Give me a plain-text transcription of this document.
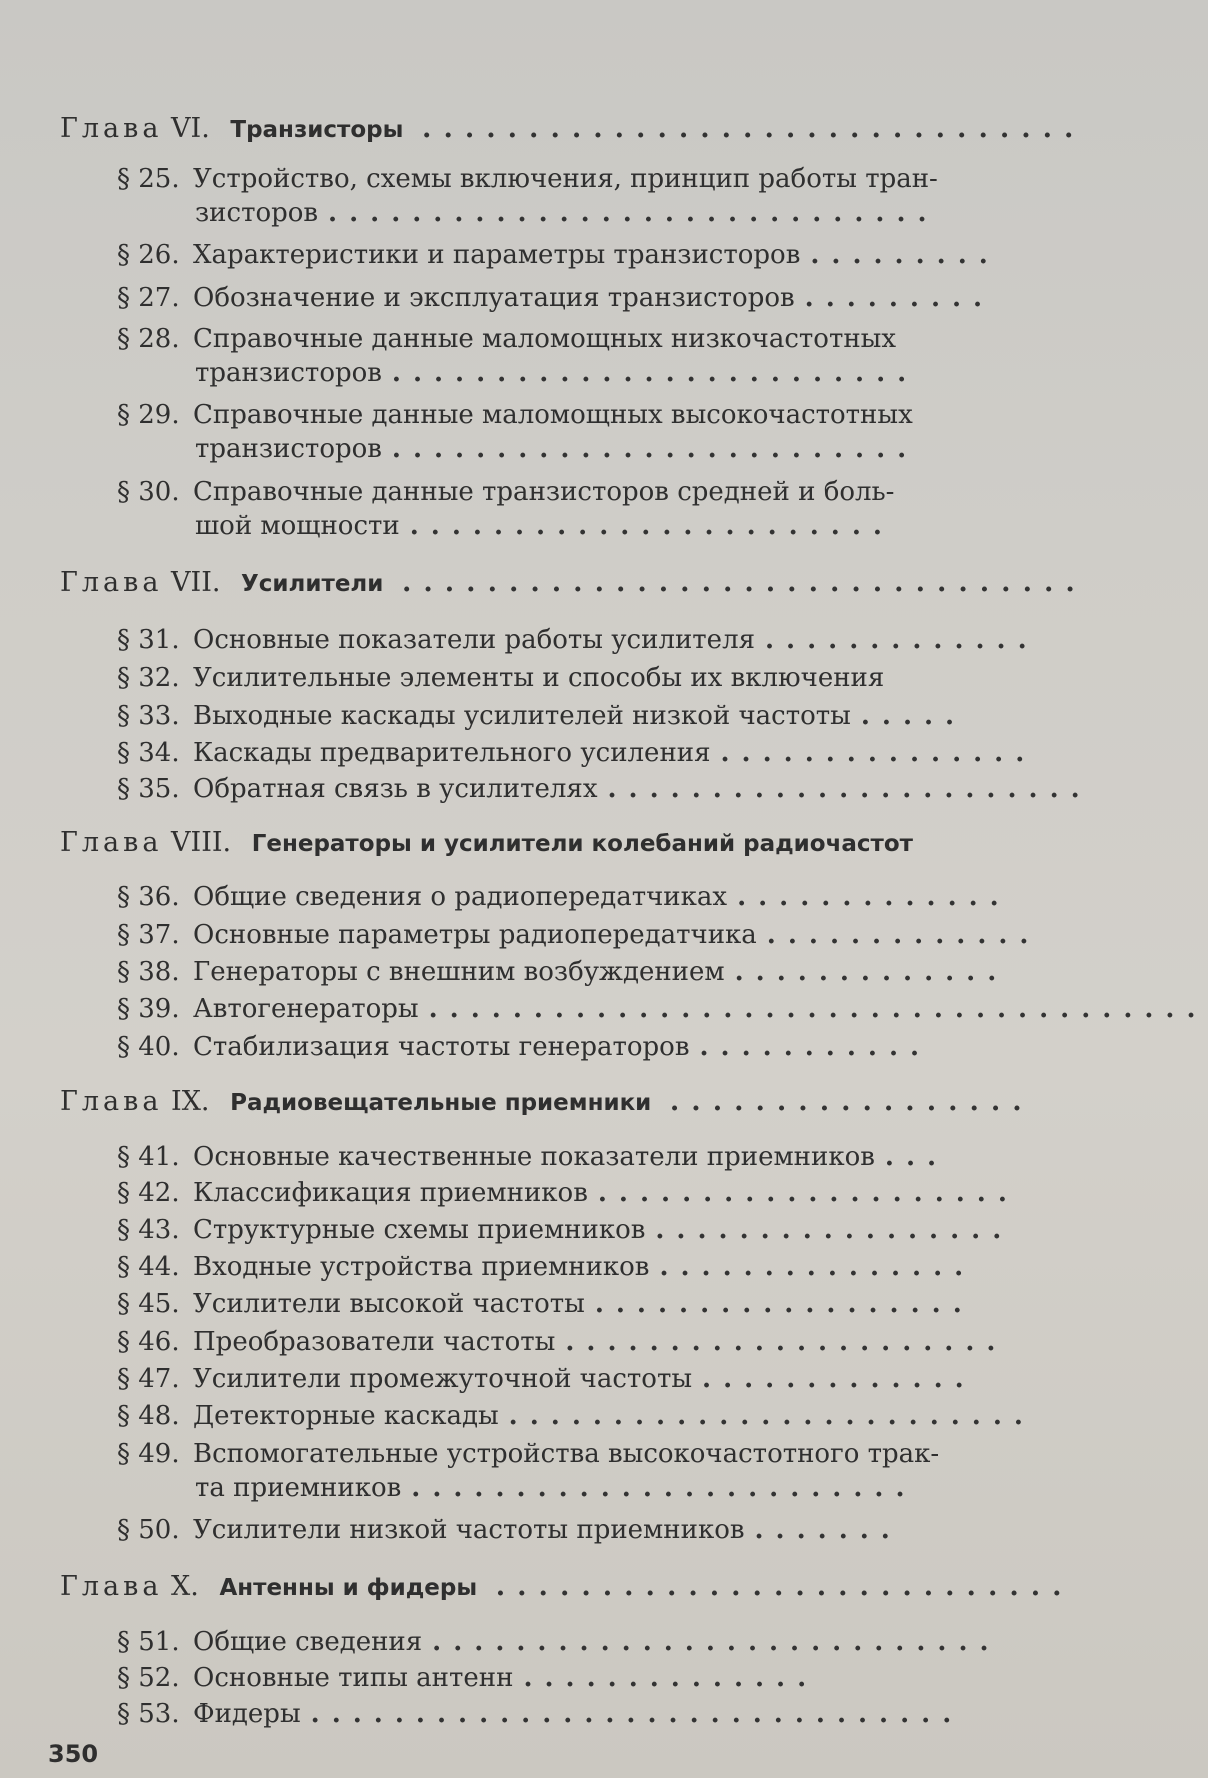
Глава VI. Транзисторы ...............................
§ 25. Устройство, схемы включения, принцип работы тран-
зисторов .............................
§ 26. Характеристики и параметры транзисторов .........
§ 27. Обозначение и эксплуатация транзисторов .........
§ 28. Справочные данные маломощных низкочастотных
транзисторов .........................
§ 29. Справочные данные маломощных высокочастотных
транзисторов .........................
§ 30. Справочные данные транзисторов средней и боль-
шой мощности .......................
Глава VII. Усилители ................................
§ 31. Основные показатели работы усилителя .............
§ 32. Усилительные элементы и способы их включения
§ 33. Выходные каскады усилителей низкой частоты .....
§ 34. Каскады предварительного усиления ...............
§ 35. Обратная связь в усилителях .......................
Глава VIII. Генераторы и усилители колебаний радиочастот
§ 36. Общие сведения о радиопередатчиках .............
§ 37. Основные параметры радиопередатчика .............
§ 38. Генераторы с внешним возбуждением .............
§ 39. Автогенераторы .....................................
§ 40. Стабилизация частоты генераторов ...........
Глава IX. Радиовещательные приемники .................
§ 41. Основные качественные показатели приемников ...
§ 42. Классификация приемников ....................
§ 43. Структурные схемы приемников .................
§ 44. Входные устройства приемников ...............
§ 45. Усилители высокой частоты ..................
§ 46. Преобразователи частоты .....................
§ 47. Усилители промежуточной частоты .............
§ 48. Детекторные каскады .........................
§ 49. Вспомогательные устройства высокочастотного трак-
та приемников ........................
§ 50. Усилители низкой частоты приемников .......
Глава X. Антенны и фидеры ...........................
§ 51. Общие сведения ...........................
§ 52. Основные типы антенн ..............
§ 53. Фидеры ...............................
350
